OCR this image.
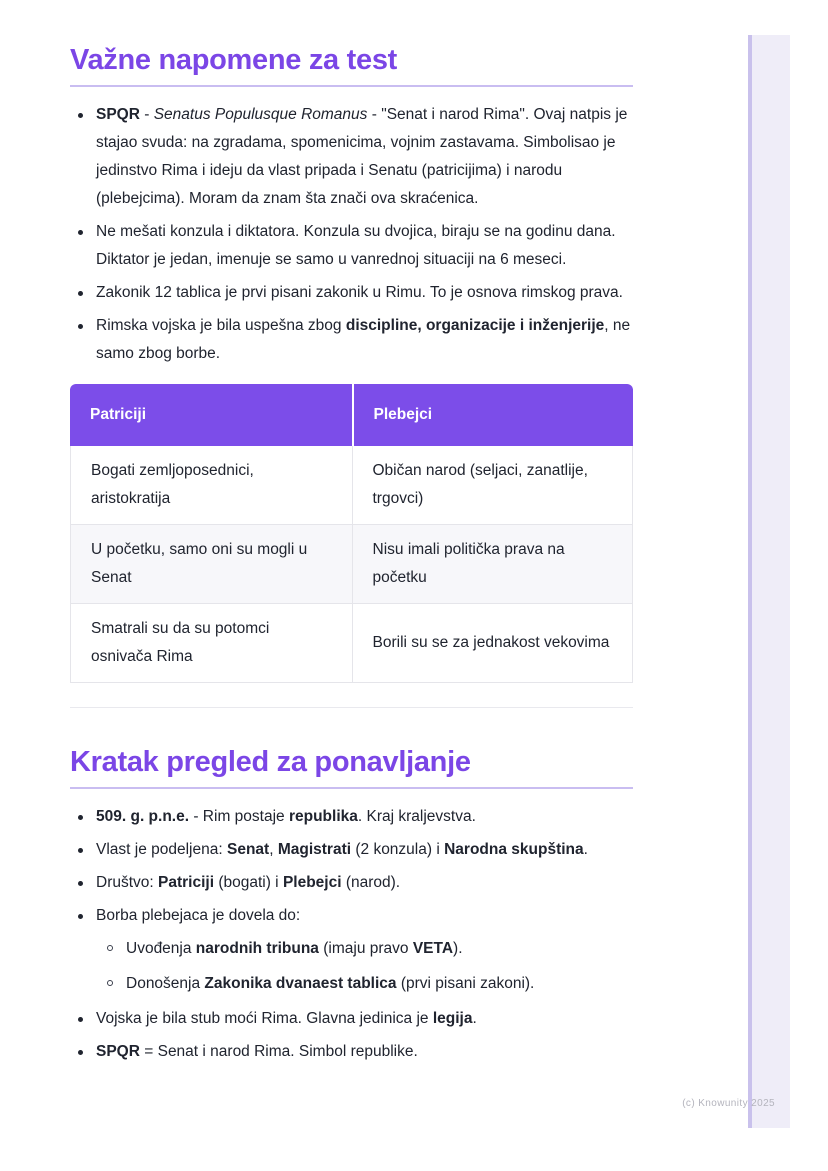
Važne napomene za test
SPQR - Senatus Populusque Romanus - "Senat i narod Rima". Ovaj natpis je stajao svuda: na zgradama, spomenicima, vojnim zastavama. Simbolisao je jedinstvo Rima i ideju da vlast pripada i Senatu (patricijima) i narodu (plebejcima). Moram da znam šta znači ova skraćenica.
Ne mešati konzula i diktatora. Konzula su dvojica, biraju se na godinu dana. Diktator je jedan, imenuje se samo u vanrednoj situaciji na 6 meseci.
Zakonik 12 tablica je prvi pisani zakonik u Rimu. To je osnova rimskog prava.
Rimska vojska je bila uspešna zbog discipline, organizacije i inženjerije, ne samo zbog borbe.
Patriciji	Plebejci
Bogati zemljoposednici, aristokratija	Običan narod (seljaci, zanatlije, trgovci)
U početku, samo oni su mogli u Senat	Nisu imali politička prava na početku
Smatrali su da su potomci osnivača Rima	Borili su se za jednakost vekovima
Kratak pregled za ponavljanje
509. g. p.n.e. - Rim postaje republika. Kraj kraljevstva.
Vlast je podeljena: Senat, Magistrati (2 konzula) i Narodna skupština.
Društvo: Patriciji (bogati) i Plebejci (narod).
Borba plebejaca je dovela do:
Uvođenja narodnih tribuna (imaju pravo VETA).
Donošenja Zakonika dvanaest tablica (prvi pisani zakoni).
Vojska je bila stub moći Rima. Glavna jedinica je legija.
SPQR = Senat i narod Rima. Simbol republike.
(c) Knowunity 2025
